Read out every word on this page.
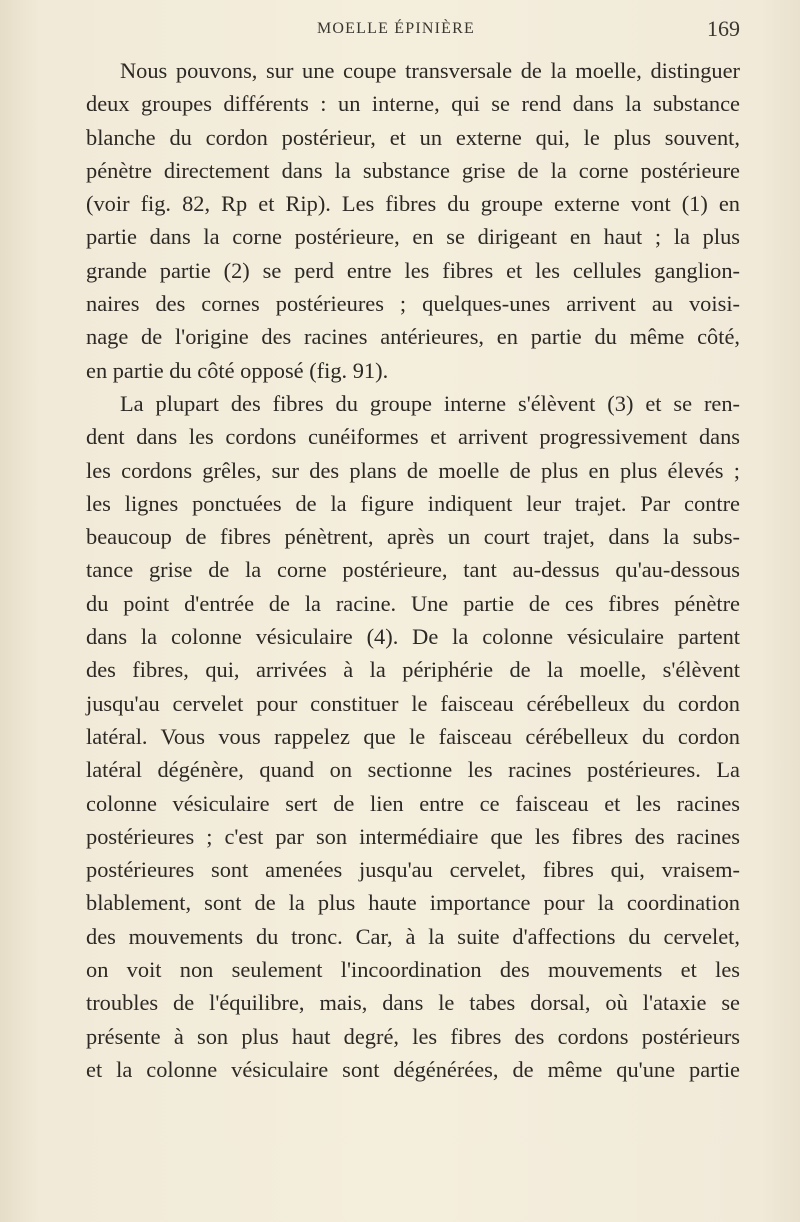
MOELLE ÉPINIÈRE	169
Nous pouvons, sur une coupe transversale de la moelle, distinguer
deux groupes différents : un interne, qui se rend dans la substance
blanche du cordon postérieur, et un externe qui, le plus souvent,
pénètre directement dans la substance grise de la corne postérieure
(voir fig. 82, Rp et Rip). Les fibres du groupe externe vont (1) en
partie dans la corne postérieure, en se dirigeant en haut ; la plus
grande partie (2) se perd entre les fibres et les cellules ganglion-
naires des cornes postérieures ; quelques-unes arrivent au voisi-
nage de l'origine des racines antérieures, en partie du même côté,
en partie du côté opposé (fig. 91).
La plupart des fibres du groupe interne s'élèvent (3) et se ren-
dent dans les cordons cunéiformes et arrivent progressivement dans
les cordons grêles, sur des plans de moelle de plus en plus élevés ;
les lignes ponctuées de la figure indiquent leur trajet. Par contre
beaucoup de fibres pénètrent, après un court trajet, dans la subs-
tance grise de la corne postérieure, tant au-dessus qu'au-dessous
du point d'entrée de la racine. Une partie de ces fibres pénètre
dans la colonne vésiculaire (4). De la colonne vésiculaire partent
des fibres, qui, arrivées à la périphérie de la moelle, s'élèvent
jusqu'au cervelet pour constituer le faisceau cérébelleux du cordon
latéral. Vous vous rappelez que le faisceau cérébelleux du cordon
latéral dégénère, quand on sectionne les racines postérieures. La
colonne vésiculaire sert de lien entre ce faisceau et les racines
postérieures ; c'est par son intermédiaire que les fibres des racines
postérieures sont amenées jusqu'au cervelet, fibres qui, vraisem-
blablement, sont de la plus haute importance pour la coordination
des mouvements du tronc. Car, à la suite d'affections du cervelet,
on voit non seulement l'incoordination des mouvements et les
troubles de l'équilibre, mais, dans le tabes dorsal, où l'ataxie se
présente à son plus haut degré, les fibres des cordons postérieurs
et la colonne vésiculaire sont dégénérées, de même qu'une partie
